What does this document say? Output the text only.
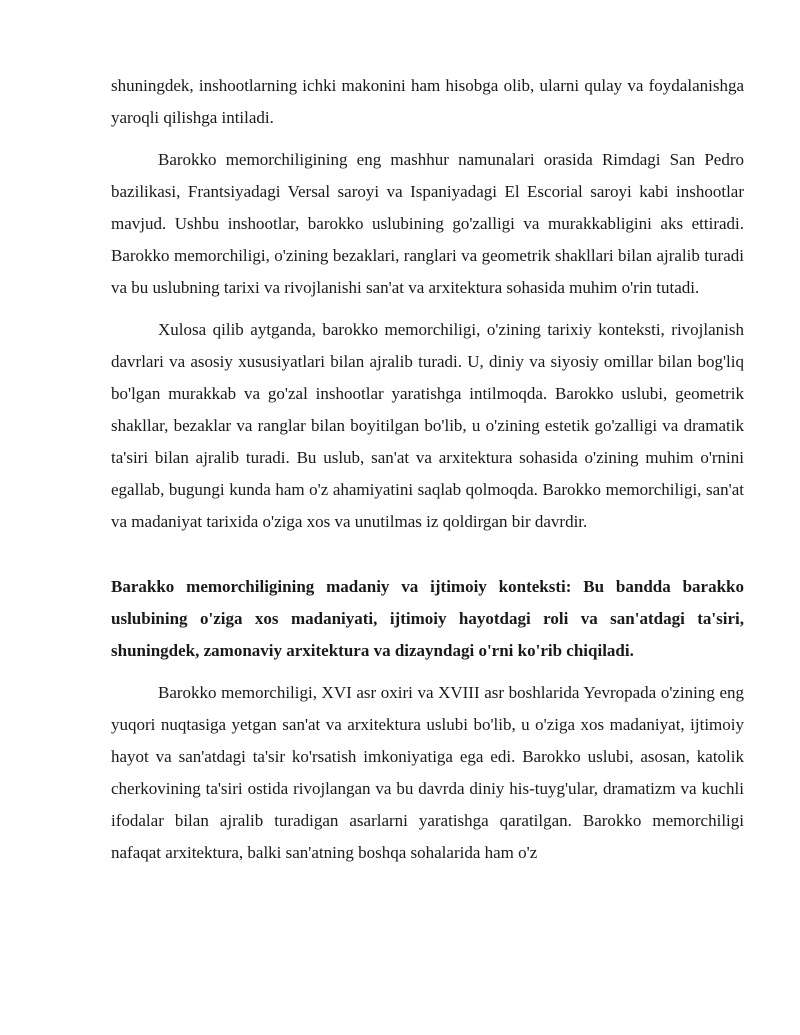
shuningdek, inshootlarning ichki makonini ham hisobga olib, ularni qulay va foydalanishga yaroqli qilishga intiladi.

Barokko memorchiligining eng mashhur namunalari orasida Rimdagi San Pedro bazilikasi, Frantsiyadagi Versal saroyi va Ispaniyadagi El Escorial saroyi kabi inshootlar mavjud. Ushbu inshootlar, barokko uslubining go'zalligi va murakkabligini aks ettiradi. Barokko memorchiligi, o'zining bezaklari, ranglari va geometrik shakllari bilan ajralib turadi va bu uslubning tarixi va rivojlanishi san'at va arxitektura sohasida muhim o'rin tutadi.

Xulosa qilib aytganda, barokko memorchiligi, o'zining tarixiy konteksti, rivojlanish davrlari va asosiy xususiyatlari bilan ajralib turadi. U, diniy va siyosiy omillar bilan bog'liq bo'lgan murakkab va go'zal inshootlar yaratishga intilmoqda. Barokko uslubi, geometrik shakllar, bezaklar va ranglar bilan boyitilgan bo'lib, u o'zining estetik go'zalligi va dramatik ta'siri bilan ajralib turadi. Bu uslub, san'at va arxitektura sohasida o'zining muhim o'rnini egallab, bugungi kunda ham o'z ahamiyatini saqlab qolmoqda. Barokko memorchiligi, san'at va madaniyat tarixida o'ziga xos va unutilmas iz qoldirgan bir davrdir.

Barakko memorchiligining madaniy va ijtimoiy konteksti: Bu bandda barakko uslubining o'ziga xos madaniyati, ijtimoiy hayotdagi roli va san'atdagi ta'siri, shuningdek, zamonaviy arxitektura va dizayndagi o'rni ko'rib chiqiladi.

Barokko memorchiligi, XVI asr oxiri va XVIII asr boshlarida Yevropada o'zining eng yuqori nuqtasiga yetgan san'at va arxitektura uslubi bo'lib, u o'ziga xos madaniyat, ijtimoiy hayot va san'atdagi ta'sir ko'rsatish imkoniyatiga ega edi. Barokko uslubi, asosan, katolik cherkovining ta'siri ostida rivojlangan va bu davrda diniy his-tuyg'ular, dramatizm va kuchli ifodalar bilan ajralib turadigan asarlarni yaratishga qaratilgan. Barokko memorchiligi nafaqat arxitektura, balki san'atning boshqa sohalarida ham o'z
